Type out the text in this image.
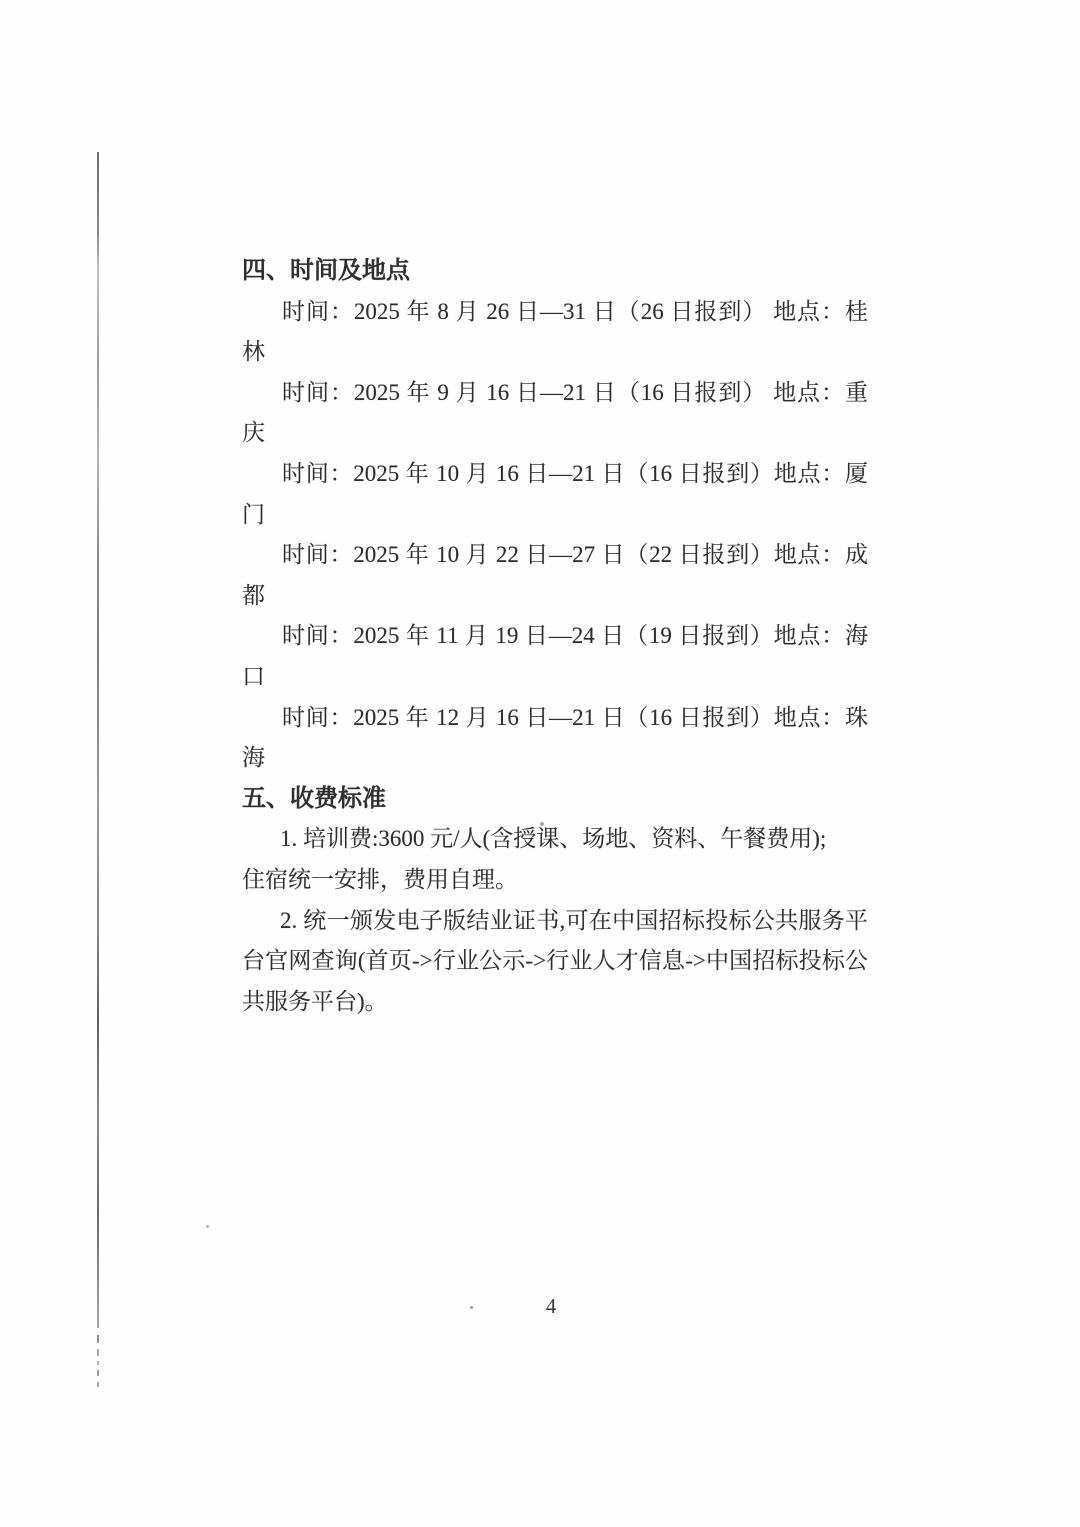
四、时间及地点
时间：2025 年 8 月 26 日—31 日（26 日报到） 地点：桂林
时间：2025 年 9 月 16 日—21 日（16 日报到） 地点：重庆
时间：2025 年 10 月 16 日—21 日（16 日报到）地点：厦门
时间：2025 年 10 月 22 日—27 日（22 日报到）地点：成都
时间：2025 年 11 月 19 日—24 日（19 日报到）地点：海口
时间：2025 年 12 月 16 日—21 日（16 日报到）地点：珠海
五、收费标准
1. 培训费:3600 元/人(含授课、场地、资料、午餐费用);
住宿统一安排，费用自理。
2. 统一颁发电子版结业证书,可在中国招标投标公共服务平
台官网查询(首页->行业公示->行业人才信息->中国招标投标公
共服务平台)。
4
